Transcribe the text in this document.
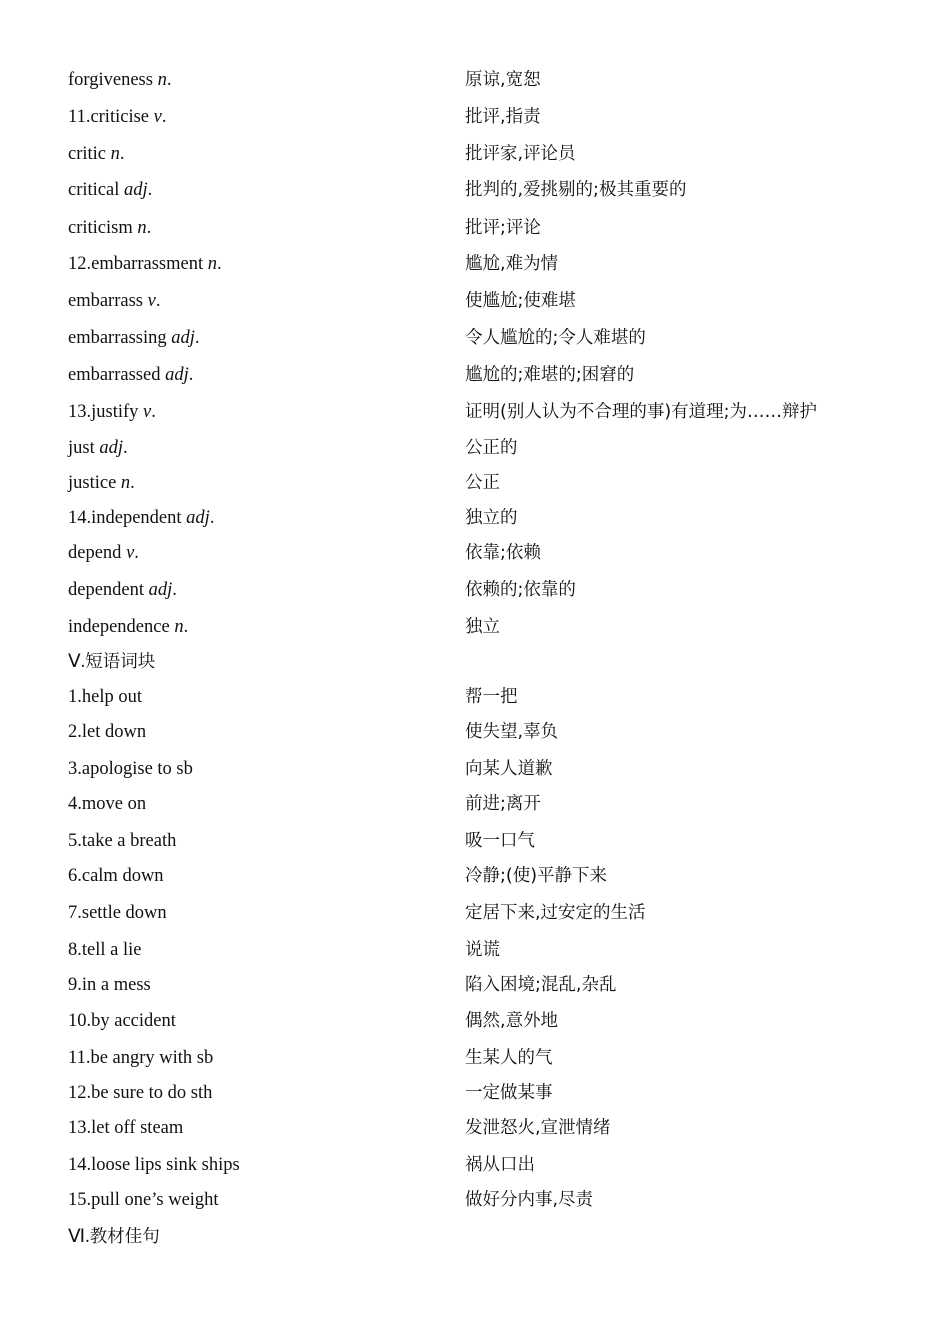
forgiveness n.	原谅,宽恕
11.criticise v.	批评,指责
critic n.	批评家,评论员
critical adj.	批判的,爱挑剔的;极其重要的
criticism n.	批评;评论
12.embarrassment n.	尴尬,难为情
embarrass v.	使尴尬;使难堪
embarrassing adj.	令人尴尬的;令人难堪的
embarrassed adj.	尴尬的;难堪的;困窘的
13.justify v.	证明(别人认为不合理的事)有道理;为……辩护
just adj.	公正的
justice n.	公正
14.independent adj.	独立的
depend v.	依靠;依赖
dependent adj.	依赖的;依靠的
independence n.	独立
Ⅴ.短语词块
1.help out	帮一把
2.let down	使失望,辜负
3.apologise to sb	向某人道歉
4.move on	前进;离开
5.take a breath	吸一口气
6.calm down	冷静;(使)平静下来
7.settle down	定居下来,过安定的生活
8.tell a lie	说谎
9.in a mess	陷入困境;混乱,杂乱
10.by accident	偶然,意外地
11.be angry with sb	生某人的气
12.be sure to do sth	一定做某事
13.let off steam	发泄怒火,宣泄情绪
14.loose lips sink ships	祸从口出
15.pull one’s weight	做好分内事,尽责
Ⅵ.教材佳句
